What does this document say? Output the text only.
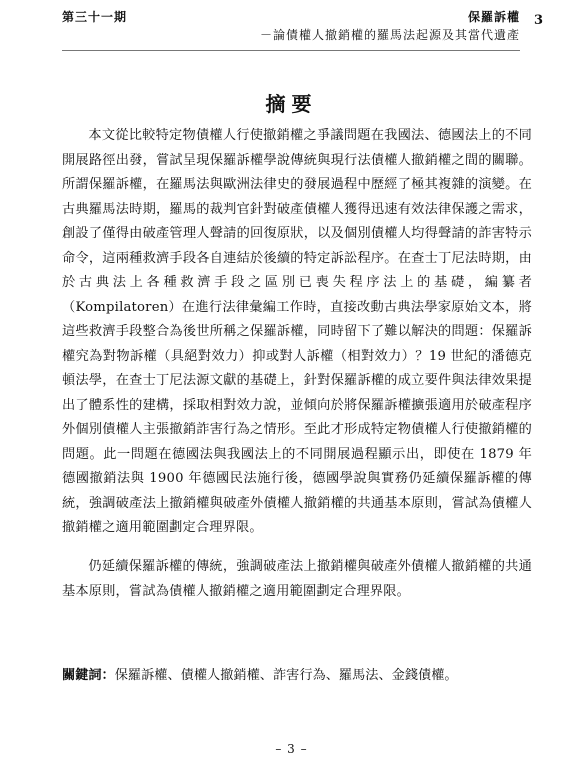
第三十一期	保羅訴權 3
－論債權人撤銷權的羅馬法起源及其當代遺產
摘要

本文從比較特定物債權人行使撤銷權之爭議問題在我國法、德國法上的不同開展路徑出發，嘗試呈現保羅訴權學說傳統與現行法債權人撤銷權之間的關聯。所謂保羅訴權，在羅馬法與歐洲法律史的發展過程中歷經了極其複雜的演變。在古典羅馬法時期，羅馬的裁判官針對破產債權人獲得迅速有效法律保護之需求，創設了僅得由破產管理人聲請的回復原狀，以及個別債權人均得聲請的詐害特示命令，這兩種救濟手段各自連結於後續的特定訴訟程序。在查士丁尼法時期，由於古典法上各種救濟手段之區別已喪失程序法上的基礎，編纂者（Kompilatoren）在進行法律彙編工作時，直接改動古典法學家原始文本，將這些救濟手段整合為後世所稱之保羅訴權，同時留下了難以解決的問題：保羅訴權究為對物訴權（具絕對效力）抑或對人訴權（相對效力）？19 世紀的潘德克頓法學，在查士丁尼法源文獻的基礎上，針對保羅訴權的成立要件與法律效果提出了體系性的建構，採取相對效力說，並傾向於將保羅訴權擴張適用於破產程序外個別債權人主張撤銷詐害行為之情形。至此才形成特定物債權人行使撤銷權的問題。此一問題在德國法與我國法上的不同開展過程顯示出，即使在 1879 年德國撤銷法與 1900 年德國民法施行後，德國學說與實務仍延續保羅訴權的傳統，強調破產法上撤銷權與破產外債權人撤銷權的共通基本原則，嘗試為債權人撤銷權之適用範圍劃定合理界限。

仍延續保羅訴權的傳統，強調破產法上撤銷權與破產外債權人撤銷權的共通基本原則，嘗試為債權人撤銷權之適用範圍劃定合理界限。

關鍵詞：保羅訴權、債權人撤銷權、詐害行為、羅馬法、金錢債權。
– 3 –
